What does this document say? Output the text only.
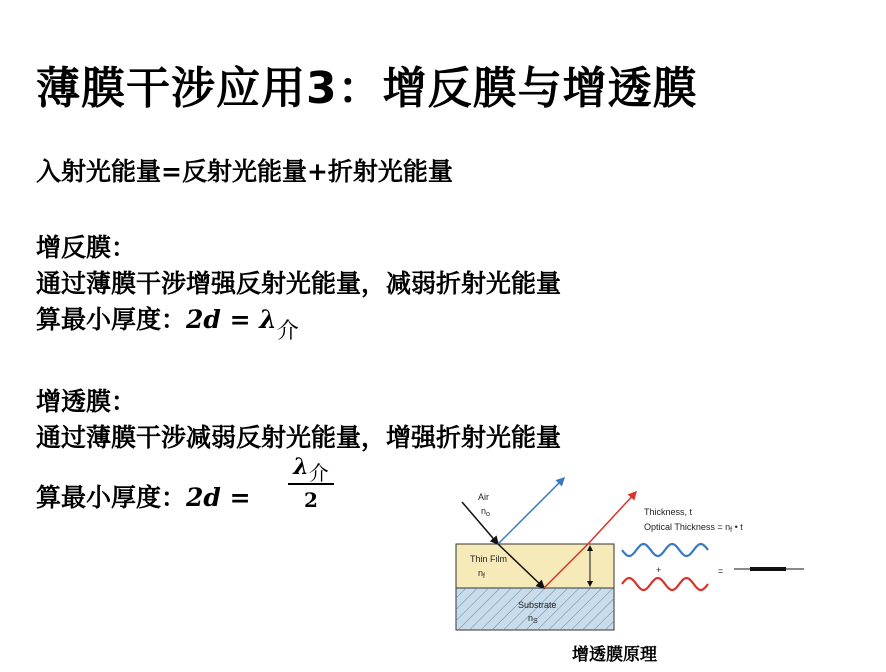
薄膜干涉应用3：增反膜与增透膜
入射光能量=反射光能量+折射光能量
增反膜：
通过薄膜干涉增强反射光能量，减弱折射光能量
算最小厚度：2d = λ介
增透膜：
通过薄膜干涉减弱反射光能量，增强折射光能量
算最小厚度：2d =
λ介
2	Air
$n_o$
Thin Film
$n_f$
Substrate
$n_S$
Thickness, t
Optical Thickness = $n_f$ • t
+	=
增透膜原理
